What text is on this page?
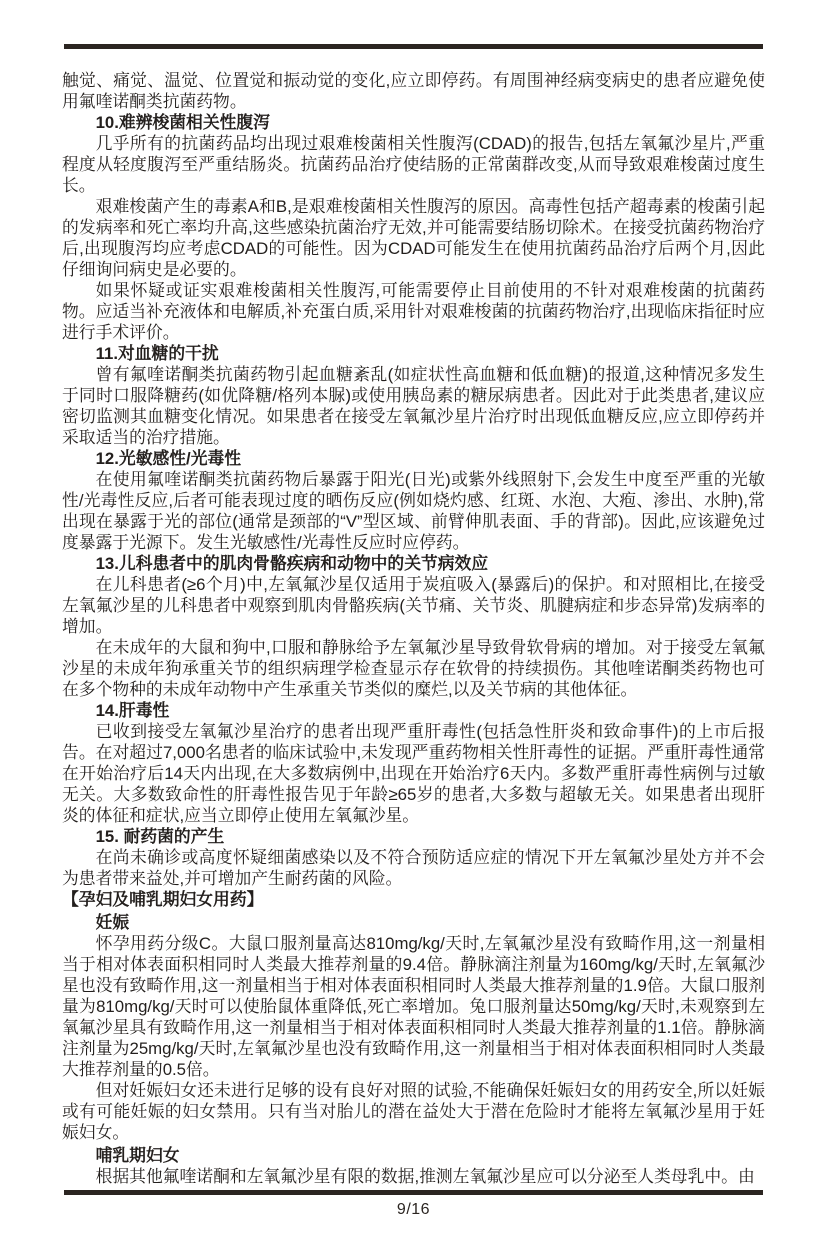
触觉、痛觉、温觉、位置觉和振动觉的变化,应立即停药。有周围神经病变病史的患者应避免使用氟喹诺酮类抗菌药物。
10.难辨梭菌相关性腹泻
几乎所有的抗菌药品均出现过艰难梭菌相关性腹泻(CDAD)的报告,包括左氧氟沙星片,严重程度从轻度腹泻至严重结肠炎。抗菌药品治疗使结肠的正常菌群改变,从而导致艰难梭菌过度生长。
艰难梭菌产生的毒素A和B,是艰难梭菌相关性腹泻的原因。高毒性包括产超毒素的梭菌引起的发病率和死亡率均升高,这些感染抗菌治疗无效,并可能需要结肠切除术。在接受抗菌药物治疗后,出现腹泻均应考虑CDAD的可能性。因为CDAD可能发生在使用抗菌药品治疗后两个月,因此仔细询问病史是必要的。
如果怀疑或证实艰难梭菌相关性腹泻,可能需要停止目前使用的不针对艰难梭菌的抗菌药物。应适当补充液体和电解质,补充蛋白质,采用针对艰难梭菌的抗菌药物治疗,出现临床指征时应进行手术评价。
11.对血糖的干扰
曾有氟喹诺酮类抗菌药物引起血糖紊乱(如症状性高血糖和低血糖)的报道,这种情况多发生于同时口服降糖药(如优降糖/格列本脲)或使用胰岛素的糖尿病患者。因此对于此类患者,建议应密切监测其血糖变化情况。如果患者在接受左氧氟沙星片治疗时出现低血糖反应,应立即停药并采取适当的治疗措施。
12.光敏感性/光毒性
在使用氟喹诺酮类抗菌药物后暴露于阳光(日光)或紫外线照射下,会发生中度至严重的光敏性/光毒性反应,后者可能表现过度的晒伤反应(例如烧灼感、红斑、水泡、大疱、渗出、水肿),常出现在暴露于光的部位(通常是颈部的“V”型区域、前臂伸肌表面、手的背部)。因此,应该避免过度暴露于光源下。发生光敏感性/光毒性反应时应停药。
13.儿科患者中的肌肉骨骼疾病和动物中的关节病效应
在儿科患者(≥6个月)中,左氧氟沙星仅适用于炭疽吸入(暴露后)的保护。和对照相比,在接受左氧氟沙星的儿科患者中观察到肌肉骨骼疾病(关节痛、关节炎、肌腱病症和步态异常)发病率的增加。
在未成年的大鼠和狗中,口服和静脉给予左氧氟沙星导致骨软骨病的增加。对于接受左氧氟沙星的未成年狗承重关节的组织病理学检查显示存在软骨的持续损伤。其他喹诺酮类药物也可在多个物种的未成年动物中产生承重关节类似的糜烂,以及关节病的其他体征。
14.肝毒性
已收到接受左氧氟沙星治疗的患者出现严重肝毒性(包括急性肝炎和致命事件)的上市后报告。在对超过7,000名患者的临床试验中,未发现严重药物相关性肝毒性的证据。严重肝毒性通常在开始治疗后14天内出现,在大多数病例中,出现在开始治疗6天内。多数严重肝毒性病例与过敏无关。大多数致命性的肝毒性报告见于年龄≥65岁的患者,大多数与超敏无关。如果患者出现肝炎的体征和症状,应当立即停止使用左氧氟沙星。
15. 耐药菌的产生
在尚未确诊或高度怀疑细菌感染以及不符合预防适应症的情况下开左氧氟沙星处方并不会为患者带来益处,并可增加产生耐药菌的风险。
【孕妇及哺乳期妇女用药】
妊娠
怀孕用药分级C。大鼠口服剂量高达810mg/kg/天时,左氧氟沙星没有致畸作用,这一剂量相当于相对体表面积相同时人类最大推荐剂量的9.4倍。静脉滴注剂量为160mg/kg/天时,左氧氟沙星也没有致畸作用,这一剂量相当于相对体表面积相同时人类最大推荐剂量的1.9倍。大鼠口服剂量为810mg/kg/天时可以使胎鼠体重降低,死亡率增加。兔口服剂量达50mg/kg/天时,未观察到左氧氟沙星具有致畸作用,这一剂量相当于相对体表面积相同时人类最大推荐剂量的1.1倍。静脉滴注剂量为25mg/kg/天时,左氧氟沙星也没有致畸作用,这一剂量相当于相对体表面积相同时人类最大推荐剂量的0.5倍。
但对妊娠妇女还未进行足够的设有良好对照的试验,不能确保妊娠妇女的用药安全,所以妊娠或有可能妊娠的妇女禁用。只有当对胎儿的潜在益处大于潜在危险时才能将左氧氟沙星用于妊娠妇女。
哺乳期妇女
根据其他氟喹诺酮和左氧氟沙星有限的数据,推测左氧氟沙星应可以分泌至人类母乳中。由
9/16
